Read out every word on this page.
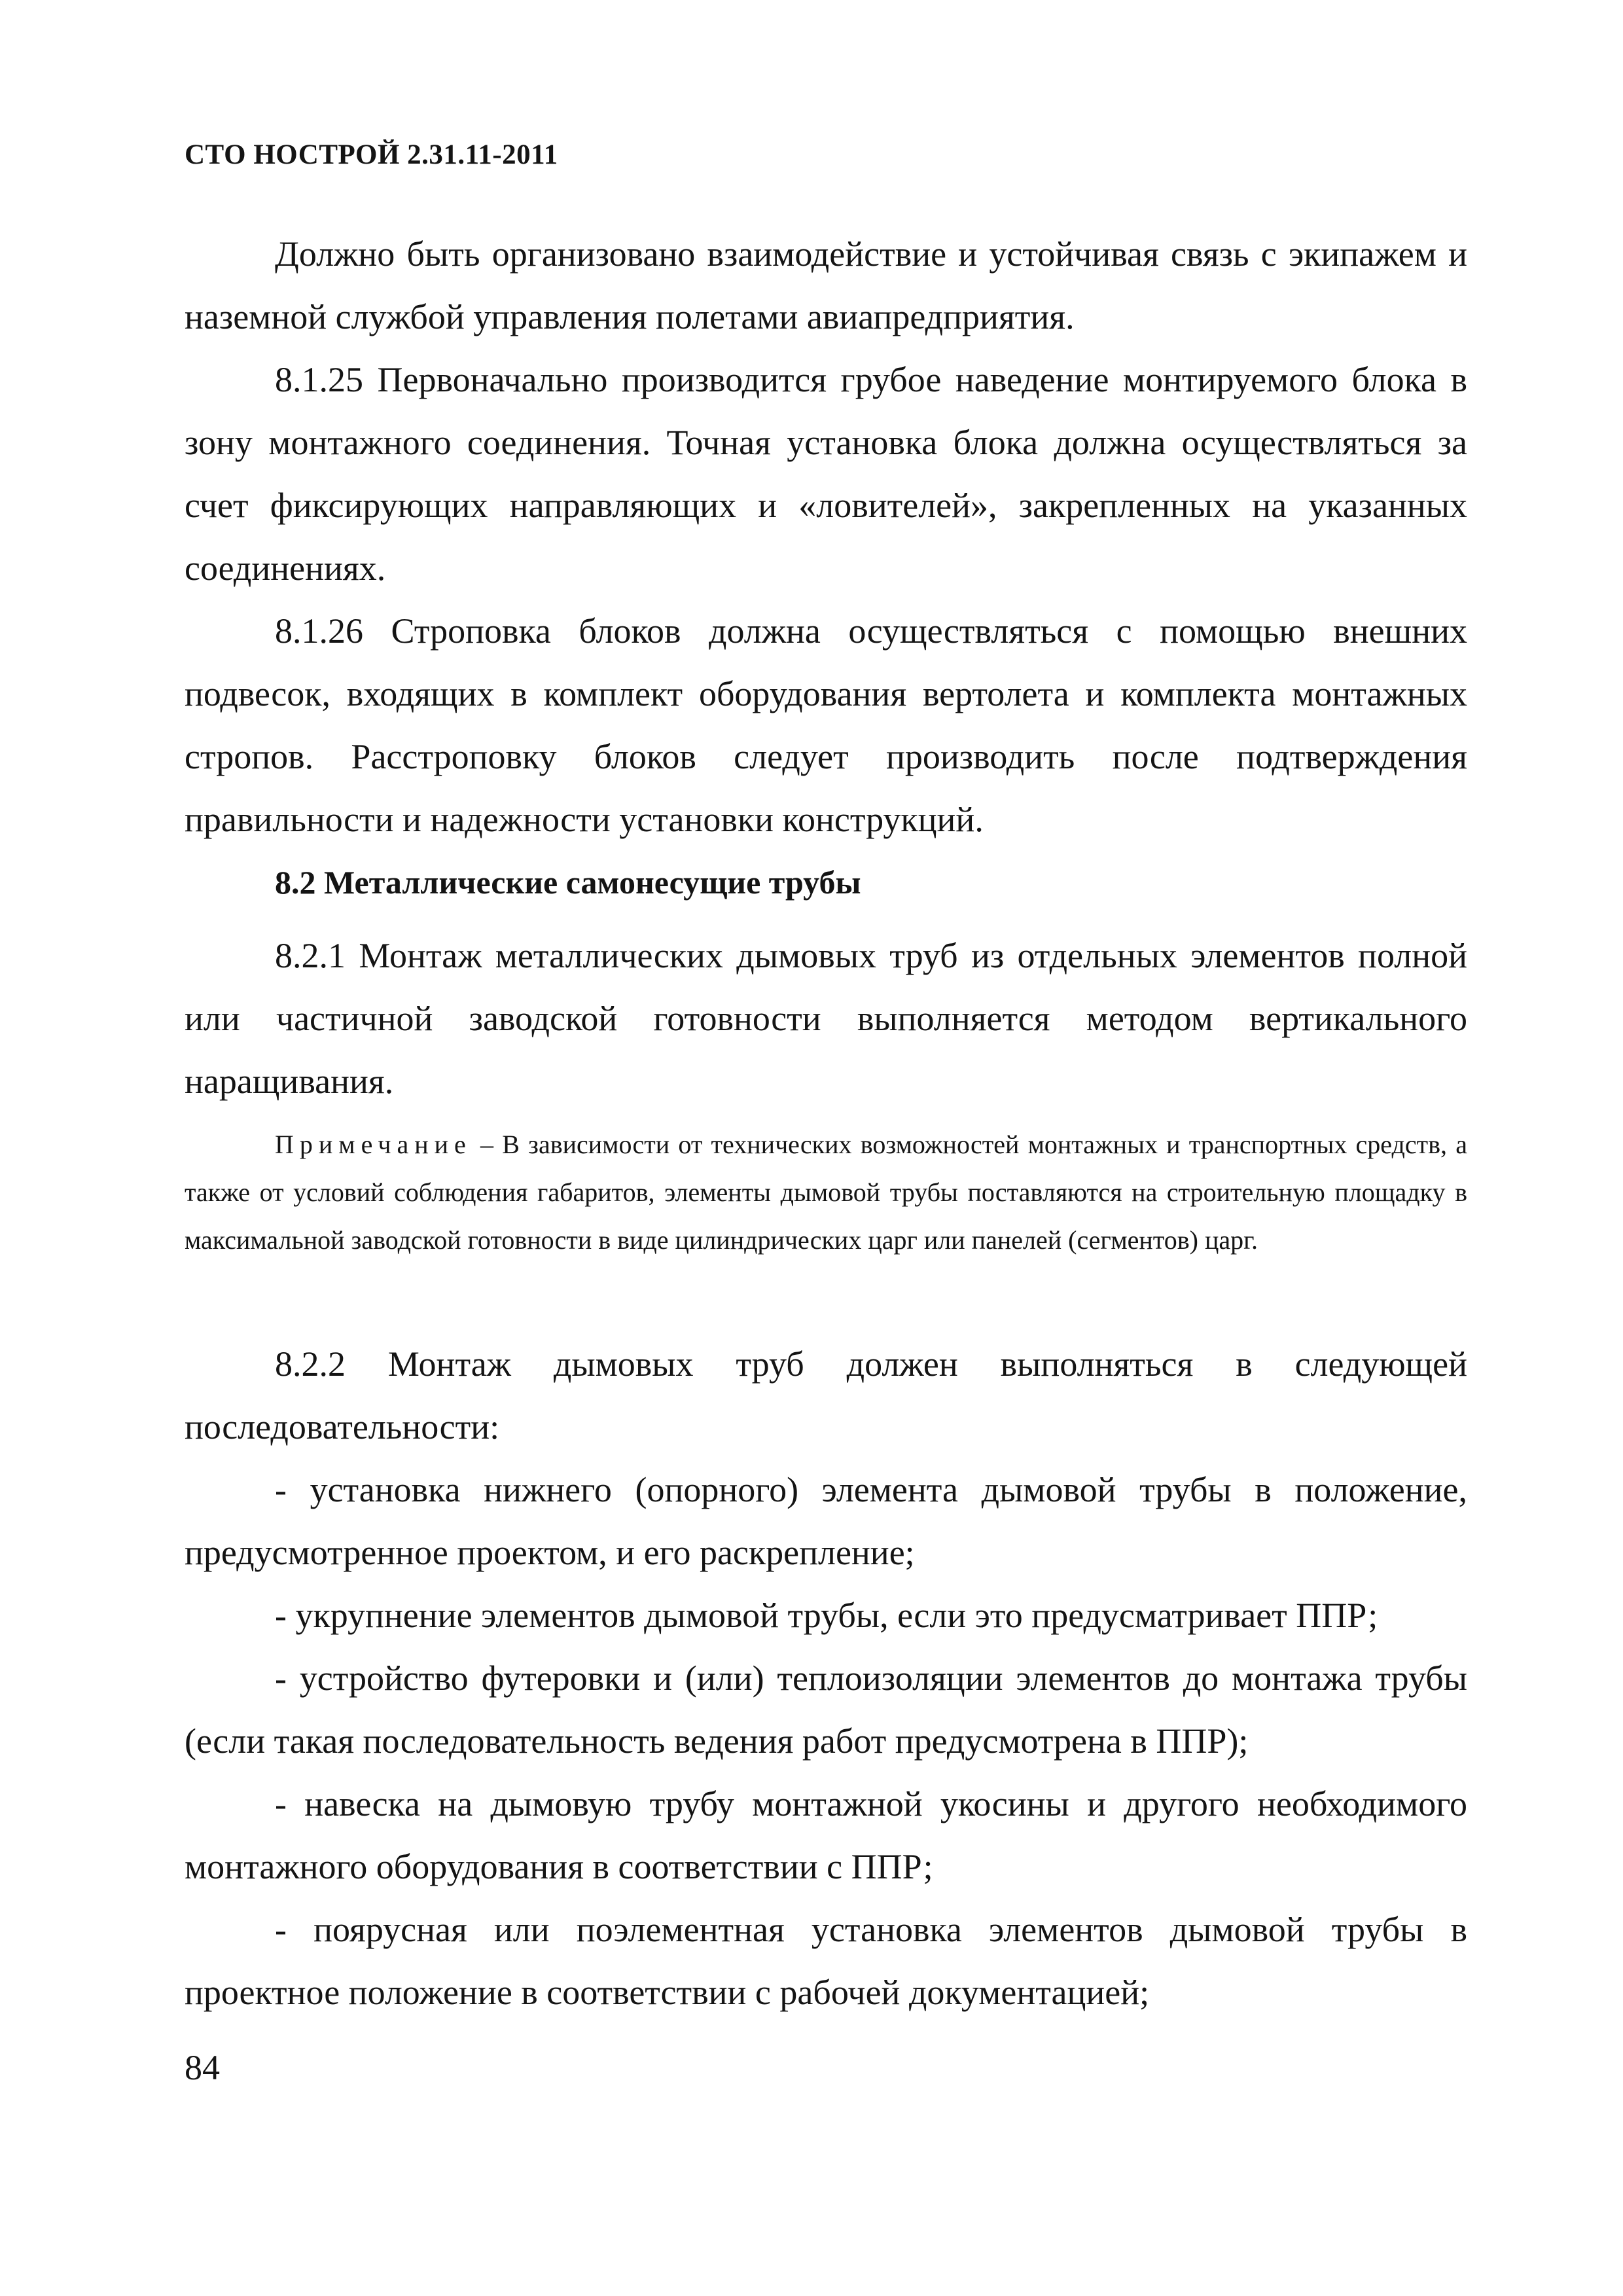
СТО НОСТРОЙ 2.31.11-2011

Должно быть организовано взаимодействие и устойчивая связь с экипажем и наземной службой управления полетами авиапредприятия.

8.1.25 Первоначально производится грубое наведение монтируемого блока в зону монтажного соединения. Точная установка блока должна осуществляться за счет фиксирующих направляющих и «ловителей», закрепленных на указанных соединениях.

8.1.26 Строповка блоков должна осуществляться с помощью внешних подвесок, входящих в комплект оборудования вертолета и комплекта монтажных стропов. Расстроповку блоков следует производить после подтверждения правильности и надежности установки конструкций.

8.2 Металлические самонесущие трубы

8.2.1 Монтаж металлических дымовых труб из отдельных элементов полной или частичной заводской готовности выполняется методом вертикального наращивания.

Примечание – В зависимости от технических возможностей монтажных и транспортных средств, а также от условий соблюдения габаритов, элементы дымовой трубы поставляются на строительную площадку в максимальной заводской готовности в виде цилиндрических царг или панелей (сегментов) царг.

8.2.2 Монтаж дымовых труб должен выполняться в следующей последовательности:

- установка нижнего (опорного) элемента дымовой трубы в положение, предусмотренное проектом, и его раскрепление;

- укрупнение элементов дымовой трубы, если это предусматривает ППР;

- устройство футеровки и (или) теплоизоляции элементов до монтажа трубы (если такая последовательность ведения работ предусмотрена в ППР);

- навеска на дымовую трубу монтажной укосины и другого необходимого монтажного оборудования в соответствии с ППР;

- поярусная или поэлементная установка элементов дымовой трубы в проектное положение в соответствии с рабочей документацией;

84
